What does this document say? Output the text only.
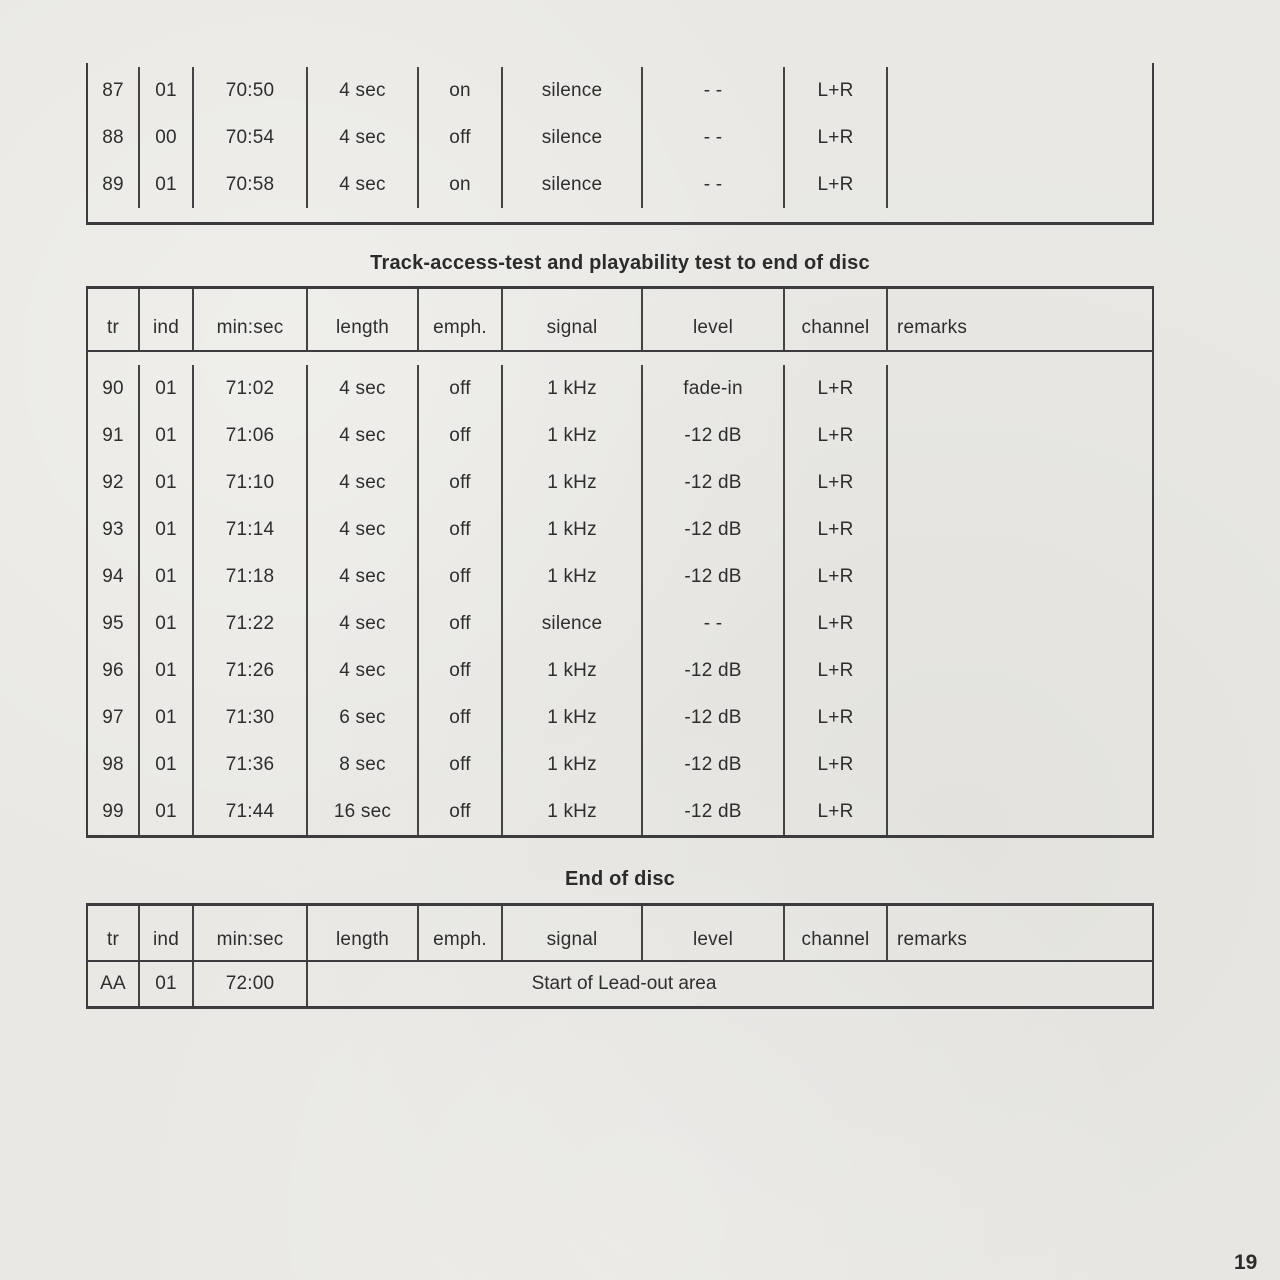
87	01	70:50	4 sec	on	silence	- -	L+R
88	00	70:54	4 sec	off	silence	- -	L+R
89	01	70:58	4 sec	on	silence	- -	L+R
Track-access-test and playability test to end of disc
tr	ind	min:sec	length	emph.	signal	level	channel	remarks
90	01	71:02	4 sec	off	1 kHz	fade-in	L+R
91	01	71:06	4 sec	off	1 kHz	-12 dB	L+R
92	01	71:10	4 sec	off	1 kHz	-12 dB	L+R
93	01	71:14	4 sec	off	1 kHz	-12 dB	L+R
94	01	71:18	4 sec	off	1 kHz	-12 dB	L+R
95	01	71:22	4 sec	off	silence	- -	L+R
96	01	71:26	4 sec	off	1 kHz	-12 dB	L+R
97	01	71:30	6 sec	off	1 kHz	-12 dB	L+R
98	01	71:36	8 sec	off	1 kHz	-12 dB	L+R
99	01	71:44	16 sec	off	1 kHz	-12 dB	L+R
End of disc
tr	ind	min:sec	length	emph.	signal	level	channel	remarks
AA	01	72:00	Start of Lead-out area
19
